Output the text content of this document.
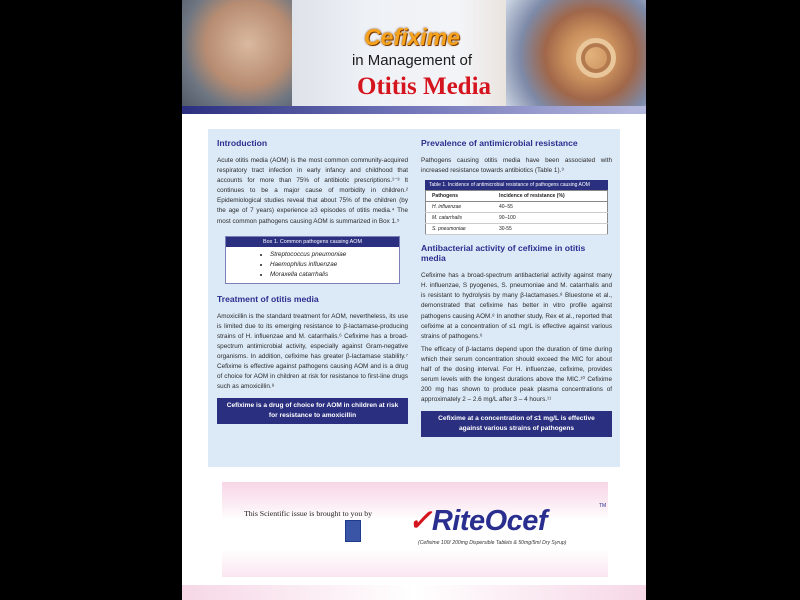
Cefixime
in Management of
Otitis Media
Introduction

Acute otitis media (AOM) is the most common community-acquired respiratory tract infection in early infancy and childhood that accounts for more than 75% of antibiotic prescriptions.¹⁻³ It continues to be a major cause of morbidity in children.² Epidemiological studies reveal that about 75% of the children (by the age of 7 years) experience ≥3 episodes of otitis media.⁴ The most common pathogens causing AOM is summarized in Box 1.⁵

Box 1. Common pathogens causing AOM
• Streptococcus pneumoniae
• Haemophilus influenzae
• Moraxella catarrhalis
Treatment of otitis media

Amoxicillin is the standard treatment for AOM, nevertheless, its use is limited due to its emerging resistance to β-lactamase-producing strains of H. influenzae and M. catarrhalis.⁶ Cefixime has a broad-spectrum antimicrobial activity, especially against Gram-negative organisms. In addition, cefixime has greater β-lactamase stability.⁷ Cefixime is effective against pathogens causing AOM and is a drug of choice for AOM in children at risk for resistance to first-line drugs such as amoxicillin.⁸

Cefixime is a drug of choice for AOM in children at risk for resistance to amoxicillin
Prevalence of antimicrobial resistance

Pathogens causing otitis media have been associated with increased resistance towards antibiotics (Table 1).⁹

Table 1. Incidence of antimicrobial resistance of pathogens causing AOM
Pathogens	Incidence of resistance (%)
H. influenzae	40–55
M. catarrhalis	90–100
S. pneumoniae	30-55
Antibacterial activity of cefixime in otitis media

Cefixime has a broad-spectrum antibacterial activity against many H. influenzae, S pyogenes, S. pneumoniae and M. catarrhalis and is resistant to hydrolysis by many β-lactamases.⁸ Bluestone et al., demonstrated that cefixime has better in vitro profile against pathogens causing AOM.⁸ In another study, Rex et al., reported that cefixime at a concentration of ≤1 mg/L is effective against various strains of pathogens.⁶

The efficacy of β-lactams depend upon the duration of time during which their serum concentration should exceed the MIC for about half of the dosing interval. For H. influenzae, cefixime, provides serum levels with the longest durations above the MIC.¹⁰ Cefixime 200 mg has shown to produce peak plasma concentrations of approximately 2 – 2.6 mg/L after 3 – 4 hours.¹¹

Cefixime at a concentration of ≤1 mg/L is effective against various strains of pathogens
This Scientific issue is brought to you by ✓RiteOcef	TM
(Cefixime 100/ 200mg Dispersible Tablets & 50mg/5ml Dry Syrup)
